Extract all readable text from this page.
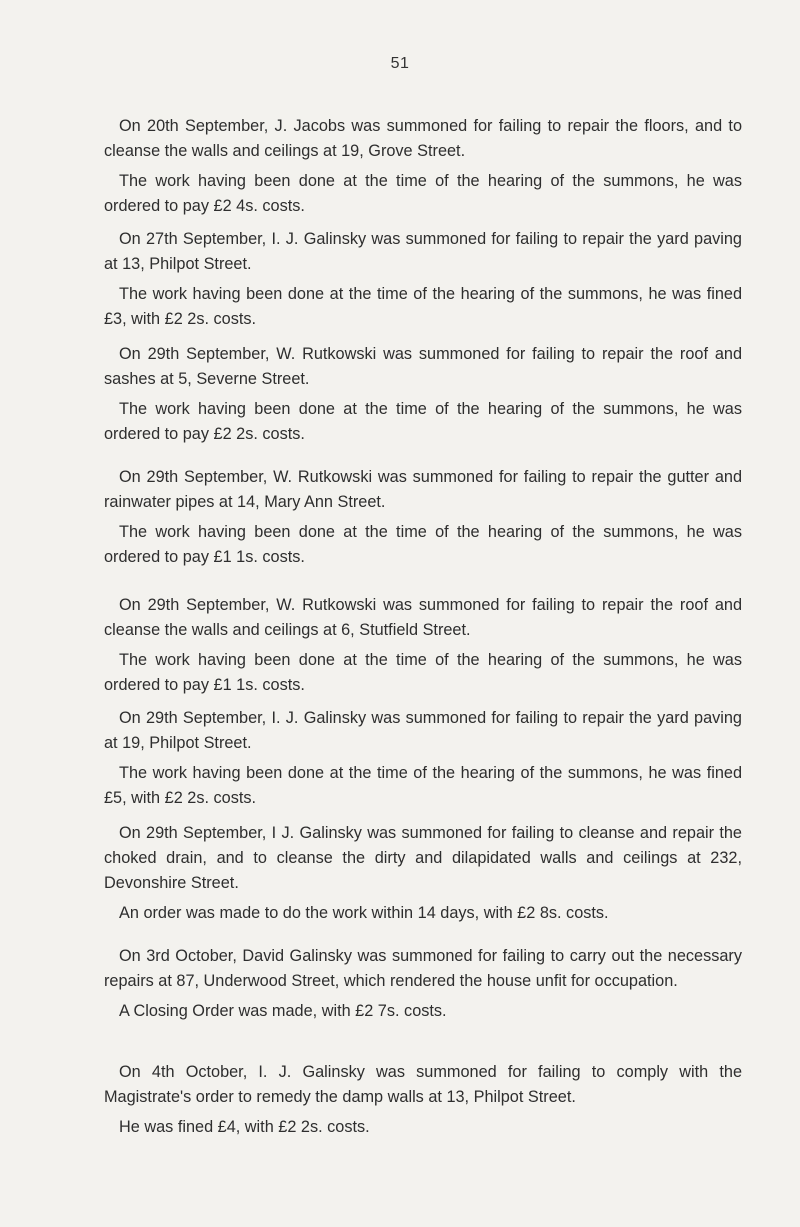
51

On 20th September, J. Jacobs was summoned for failing to repair the floors, and to cleanse the walls and ceilings at 19, Grove Street.

The work having been done at the time of the hearing of the summons, he was ordered to pay £2 4s. costs.

On 27th September, I. J. Galinsky was summoned for failing to repair the yard paving at 13, Philpot Street.

The work having been done at the time of the hearing of the summons, he was fined £3, with £2 2s. costs.

On 29th September, W. Rutkowski was summoned for failing to repair the roof and sashes at 5, Severne Street.

The work having been done at the time of the hearing of the summons, he was ordered to pay £2 2s. costs.

On 29th September, W. Rutkowski was summoned for failing to repair the gutter and rainwater pipes at 14, Mary Ann Street.

The work having been done at the time of the hearing of the summons, he was ordered to pay £1 1s. costs.

On 29th September, W. Rutkowski was summoned for failing to repair the roof and cleanse the walls and ceilings at 6, Stutfield Street.

The work having been done at the time of the hearing of the summons, he was ordered to pay £1 1s. costs.

On 29th September, I. J. Galinsky was summoned for failing to repair the yard paving at 19, Philpot Street.

The work having been done at the time of the hearing of the summons, he was fined £5, with £2 2s. costs.

On 29th September, I J. Galinsky was summoned for failing to cleanse and repair the choked drain, and to cleanse the dirty and dilapidated walls and ceilings at 232, Devonshire Street.

An order was made to do the work within 14 days, with £2 8s. costs.

On 3rd October, David Galinsky was summoned for failing to carry out the necessary repairs at 87, Underwood Street, which rendered the house unfit for occupation.

A Closing Order was made, with £2 7s. costs.

On 4th October, I. J. Galinsky was summoned for failing to comply with the Magistrate's order to remedy the damp walls at 13, Philpot Street.

He was fined £4, with £2 2s. costs.
